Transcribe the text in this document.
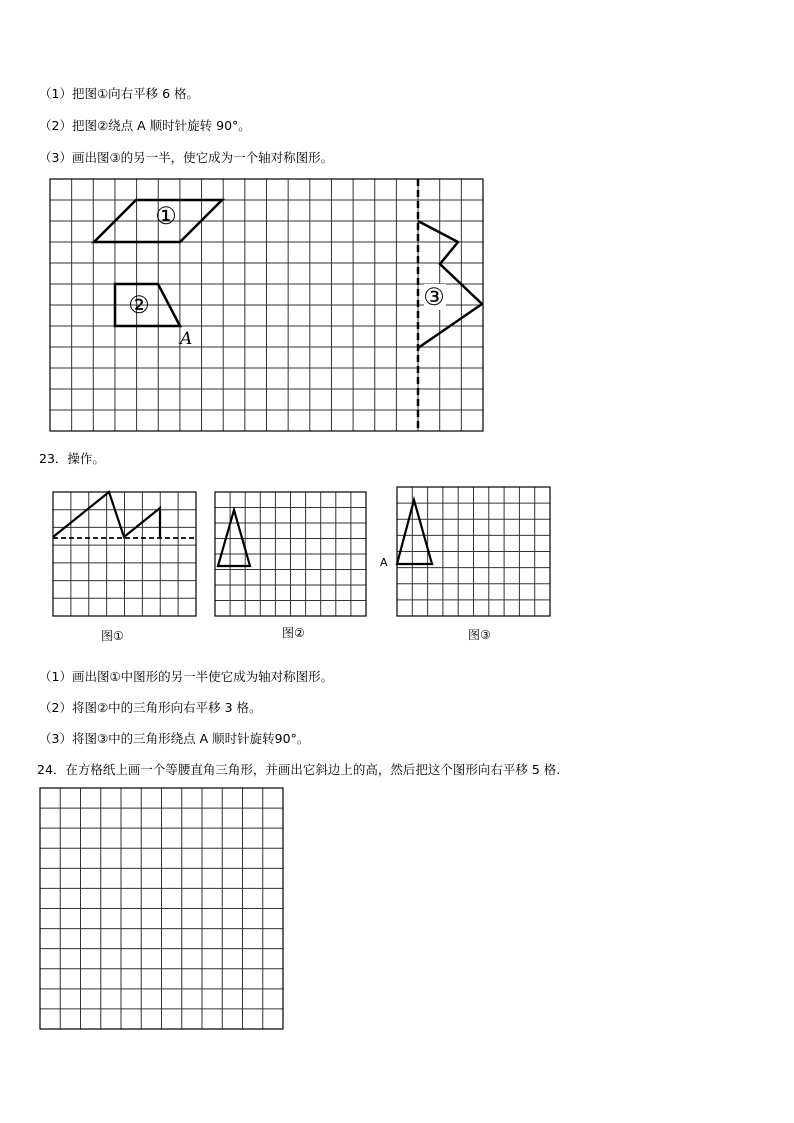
（1）把图①向右平移 6 格。
（2）把图②绕点 A 顺时针旋转 90°。
（3）画出图③的另一半，使它成为一个轴对称图形。
①
②
A
③
23．操作。
A
图①	图②	图③
（1）画出图①中图形的另一半使它成为轴对称图形。
（2）将图②中的三角形向右平移 3 格。
（3）将图③中的三角形绕点 A 顺时针旋转90°。
24．在方格纸上画一个等腰直角三角形，并画出它斜边上的高，然后把这个图形向右平移 5 格.
